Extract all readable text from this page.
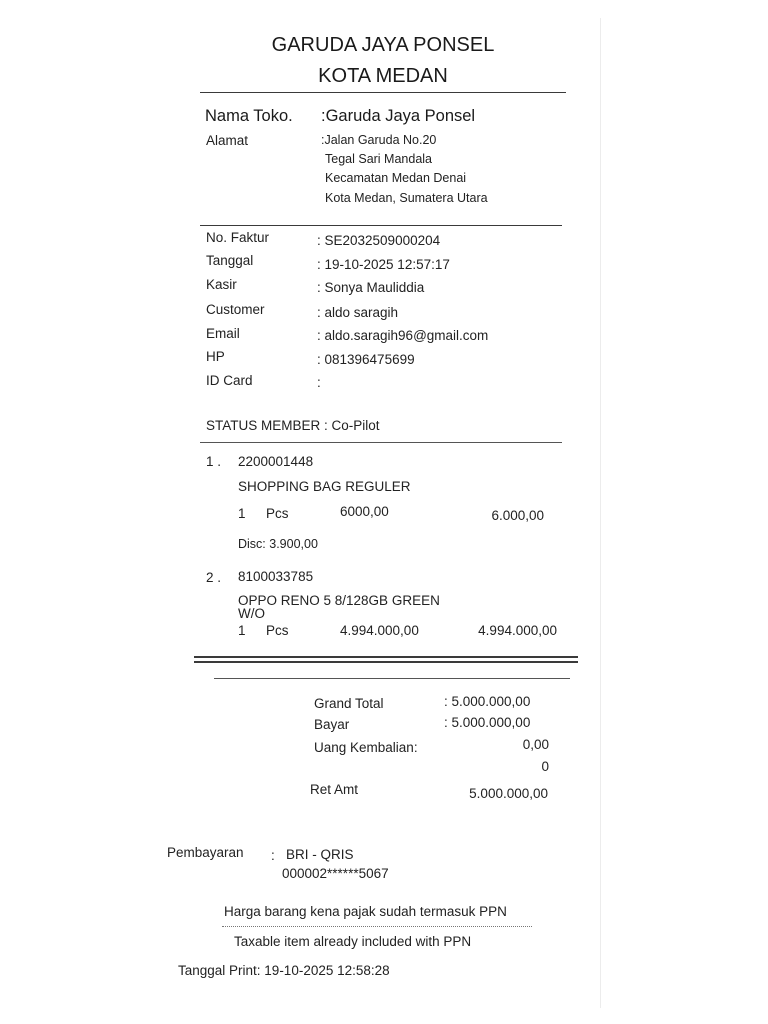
GARUDA JAYA PONSEL
KOTA MEDAN
Nama Toko. :Garuda Jaya Ponsel
Alamat	:Jalan Garuda No.20
Tegal Sari Mandala
Kecamatan Medan Denai
Kota Medan, Sumatera Utara
No. Faktur	: SE2032509000204
Tanggal	: 19-10-2025 12:57:17
Kasir	: Sonya Mauliddia
Customer	: aldo saragih
Email	: aldo.saragih96@gmail.com
HP	: 081396475699
ID Card	:
STATUS MEMBER : Co-Pilot
1 . 2200001448
SHOPPING BAG REGULER
1 Pcs	6000,00	6.000,00
Disc: 3.900,00
2 . 8100033785
OPPO RENO 5 8/128GB GREEN
W/O
1 Pcs	4.994.000,00	4.994.000,00
Grand Total	: 5.000.000,00
Bayar	: 5.000.000,00
Uang Kembalian:	0,00
0
Ret Amt	5.000.000,00
Pembayaran : BRI - QRIS
000002******5067
Harga barang kena pajak sudah termasuk PPN
Taxable item already included with PPN
Tanggal Print: 19-10-2025 12:58:28
